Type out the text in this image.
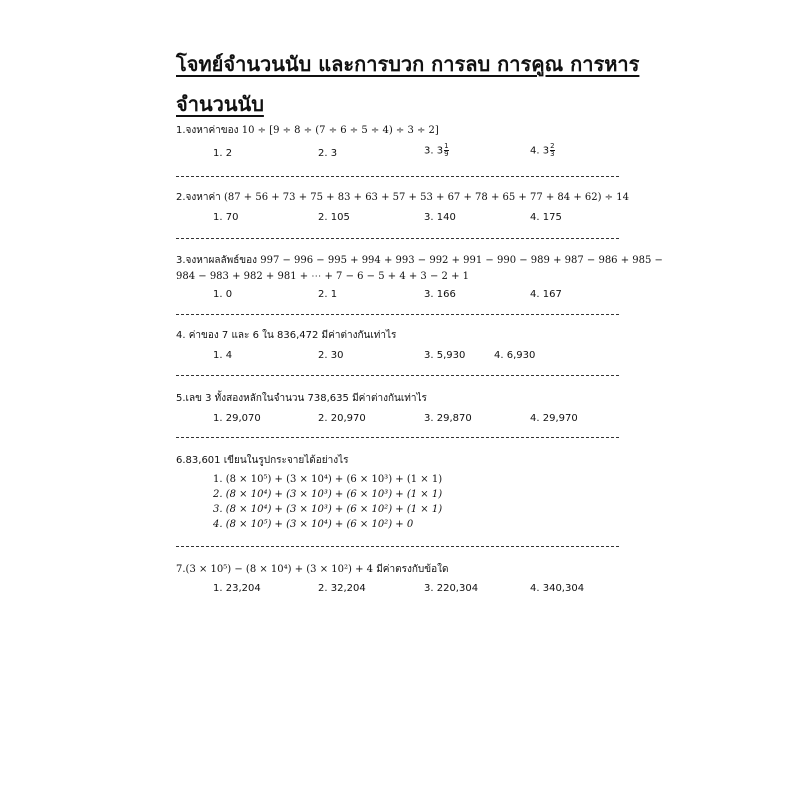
โจทย์จำนวนนับ และการบวก การลบ การคูณ การหาร
จำนวนนับ
1.จงหาค่าของ 10 ÷ [9 ÷ 8 ÷ (7 ÷ 6 ÷ 5 ÷ 4) ÷ 3 ÷ 2]
1. 2	2. 3	3. $3 \frac{1}{9}$	4. $3 \frac{2}{3}$
2.จงหาค่า (87 + 56 + 73 + 75 + 83 + 63 + 57 + 53 + 67 + 78 + 65 + 77 + 84 + 62) ÷ 14
1. 70	2. 105	3. 140	4. 175
3.จงหาผลลัพธ์ของ 997 − 996 − 995 + 994 + 993 − 992 + 991 − 990 − 989 + 987 − 986 + 985 −
984 − 983 + 982 + 981 + ⋯ + 7 − 6 − 5 + 4 + 3 − 2 + 1
1. 0	2. 1	3. 166	4. 167
4. ค่าของ 7 และ 6 ใน 836,472 มีค่าต่างกันเท่าไร
1. 4	2. 30	3. 5,930	4. 6,930
5.เลข 3 ทั้งสองหลักในจำนวน 738,635 มีค่าต่างกันเท่าไร
1. 29,070	2. 20,970	3. 29,870	4. 29,970
6.83,601 เขียนในรูปกระจายได้อย่างไร
1. (8 × 10⁵) + (3 × 10⁴) + (6 × 10³) + (1 × 1)
2. (8 × 10⁴) + (3 × 10³) + (6 × 10³) + (1 × 1)
3. (8 × 10⁴) + (3 × 10³) + (6 × 10²) + (1 × 1)
4. (8 × 10⁵) + (3 × 10⁴) + (6 × 10²) + 0
7.(3 × 10⁵) − (8 × 10⁴) + (3 × 10²) + 4 มีค่าตรงกับข้อใด
1. 23,204	2. 32,204	3. 220,304	4. 340,304
